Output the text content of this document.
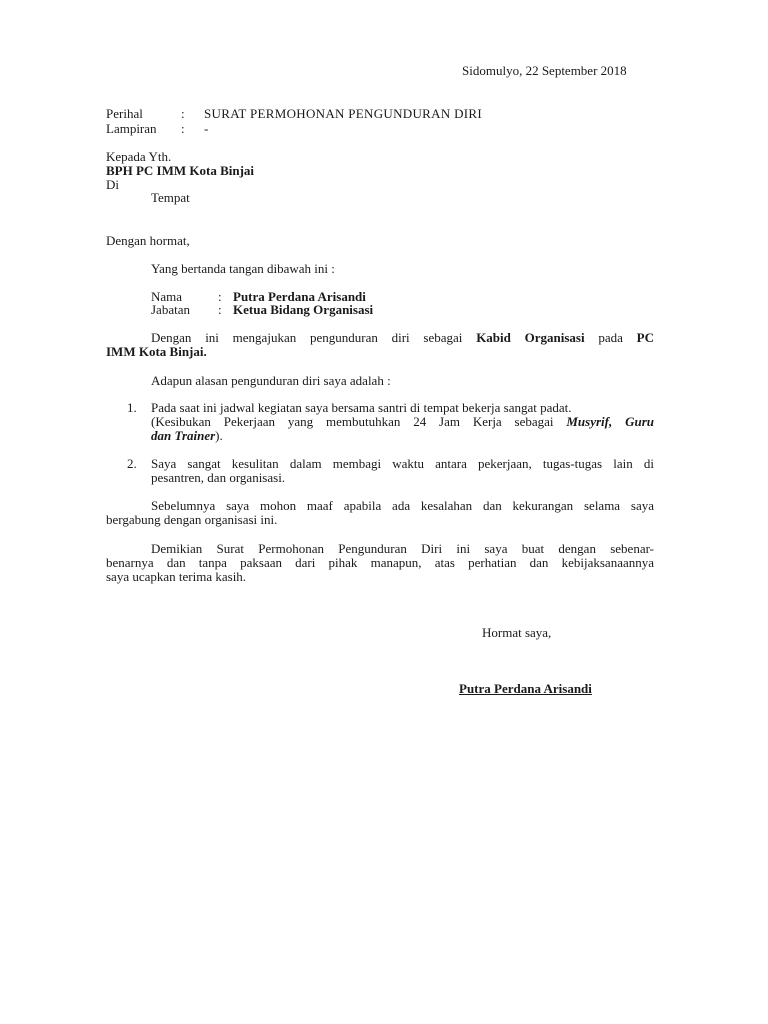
Sidomulyo, 22 September 2018
Perihal	: SURAT PERMOHONAN PENGUNDURAN DIRI
Lampiran : -
Kepada Yth.
BPH PC IMM Kota Binjai
Di
Tempat
Dengan hormat,
Yang bertanda tangan dibawah ini :
Nama	: Putra Perdana Arisandi
Jabatan : Ketua Bidang Organisasi
Dengan ini mengajukan pengunduran diri sebagai Kabid Organisasi pada PC
IMM Kota Binjai.
Adapun alasan pengunduran diri saya adalah :
1. Pada saat ini jadwal kegiatan saya bersama santri di tempat bekerja sangat padat.
(Kesibukan Pekerjaan yang membutuhkan 24 Jam Kerja sebagai Musyrif, Guru
dan Trainer).
2. Saya sangat kesulitan dalam membagi waktu antara pekerjaan, tugas-tugas lain di
pesantren, dan organisasi.
Sebelumnya saya mohon maaf apabila ada kesalahan dan kekurangan selama saya
bergabung dengan organisasi ini.
Demikian Surat Permohonan Pengunduran Diri ini saya buat dengan sebenar-
benarnya dan tanpa paksaan dari pihak manapun, atas perhatian dan kebijaksanaannya
saya ucapkan terima kasih.
Hormat saya,
Putra Perdana Arisandi
